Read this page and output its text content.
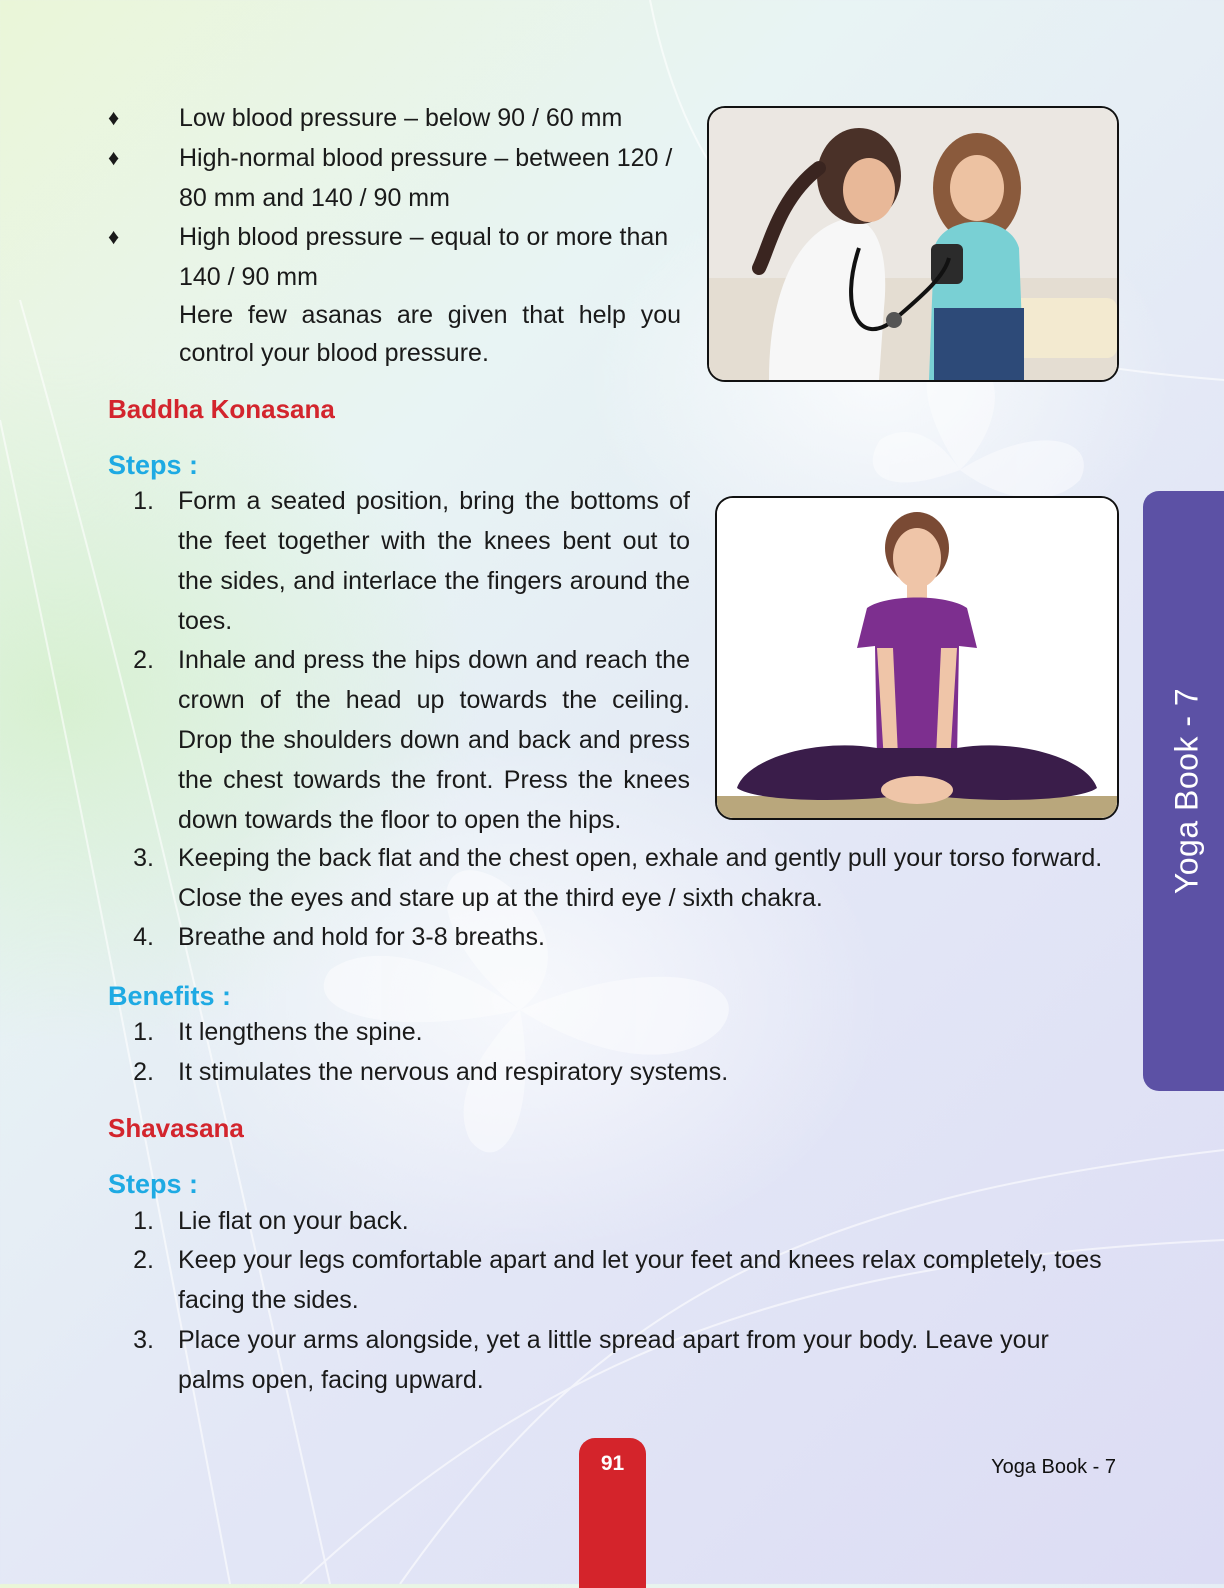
♦ Low blood pressure – below 90 / 60 mm
♦ High-normal blood pressure – between 120 /
80 mm and 140 / 90 mm
♦ High blood pressure – equal to or more than
140 / 90 mm
Here few asanas are given that help you control your blood pressure.
Baddha Konasana
Steps :
1. Form a seated position, bring the bottoms of the feet together with the knees bent out to the sides, and interlace the fingers around the toes.
2. Inhale and press the hips down and reach the crown of the head up towards the ceiling. Drop the shoulders down and back and press the chest towards the front. Press the knees down towards the floor to open the hips.
3. Keeping the back flat and the chest open, exhale and gently pull your torso forward. Close the eyes and stare up at the third eye / sixth chakra.
4. Breathe and hold for 3-8 breaths.
Benefits :
1. It lengthens the spine.
2. It stimulates the nervous and respiratory systems.
Shavasana
Steps :
1. Lie flat on your back.
2. Keep your legs comfortable apart and let your feet and knees relax completely, toes facing the sides.
3. Place your arms alongside, yet a little spread apart from your body. Leave your palms open, facing upward.
Yoga Book - 7
91	Yoga Book - 7
